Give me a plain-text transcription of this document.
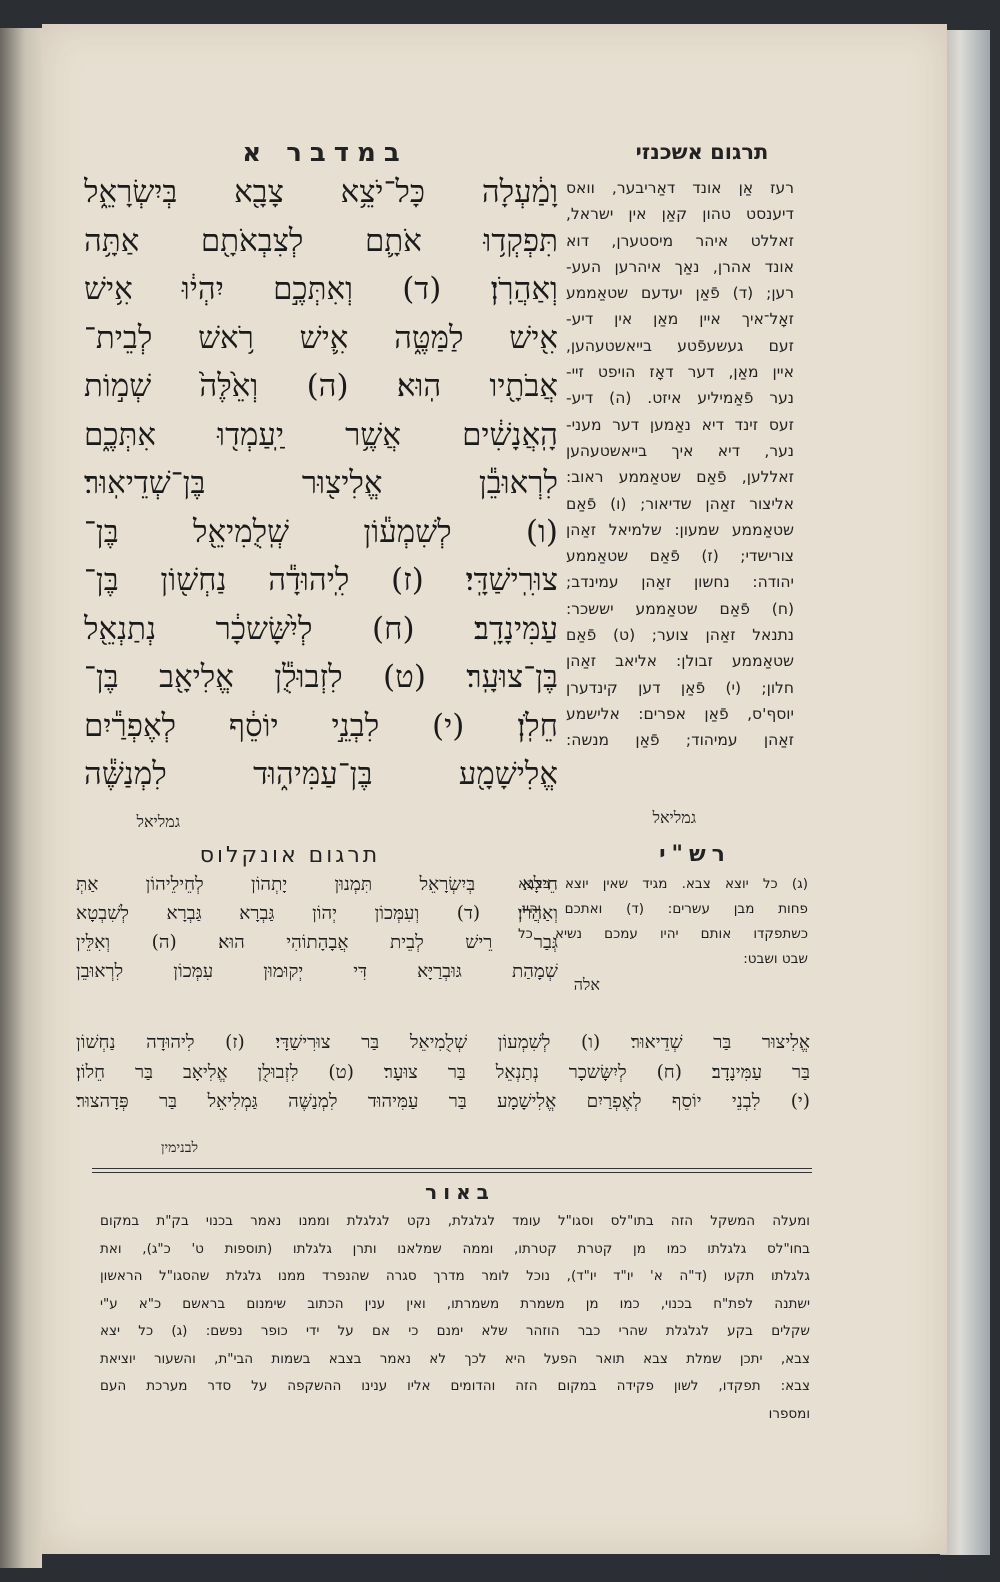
תרגום אשכנזי
במדבר א
וָמַ֔עְלָה כָּל־יֹצֵ֥א צָבָ֖א בְּיִשְׂרָאֵ֑ל
תִּפְקְד֥וּ אֹתָ֛ם לְצִבְאֹתָ֖ם אַתָּ֥ה
וְאַהֲרֹֽן׃ (ד) וְאִתְּכֶ֣ם יִהְי֔וּ אִ֥ישׁ
אִ֖ישׁ לַמַּטֶּ֑ה אִ֛ישׁ רֹ֥אשׁ לְבֵית־
אֲבֹתָ֖יו הֽוּא׃ (ה) וְאֵ֙לֶּה֙ שְׁמ֣וֹת
הָֽאֲנָשִׁ֔ים אֲשֶׁ֥ר יַֽעַמְד֖וּ אִתְּכֶ֑ם
לִרְאוּבֵ֕ן אֱלִיצ֖וּר בֶּן־שְׁדֵיאֽוּר׃
(ו) לְשִׁמְע֕וֹן שְֽׁלֻמִיאֵ֖ל בֶּן־
צוּרִֽישַׁדָּֽי׃ (ז) לִֽיהוּדָ֕ה נַחְשׁ֖וֹן בֶּן־
עַמִּינָדָֽב׃ (ח) לְיִ֨שָּׂשכָ֔ר נְתַנְאֵ֖ל
בֶּן־צוּעָֽר׃ (ט) לִזְבוּלֻ֕ן אֱלִיאָ֖ב בֶּן־
חֵלֹֽן׃ (י) לִבְנֵ֣י יוֹסֵ֔ף לְאֶפְרַ֕יִם
אֱלִישָׁמָ֖ע בֶּן־עַמִּיה֑וּד לִמְנַשֶּׁ֕ה
גמליאל
רעז אַן אונד דאַריבער, וואס
דיענסט טהון קאַן אין ישראל,
זאללט איהר מיסטערן, דוא
אונד אהרן, נאַך איהרען העע-
רען; (ד) פֿאַן יעדעם שטאַממע
זאָל־איך איין מאַן אין דיע-
זעם געשעפֿטע בייאשטעהען,
איין מאַן, דער דאָז הויפט זיי-
נער פֿאַמיליע איזט. (ה) דיע-
זעס זינד דיא נאַמען דער מעני-
נער, דיא איך בייאשטעהען
זאללען, פֿאַם שטאַממע ראוב:
אליצור זאַהן שדיאור; (ו) פֿאַם
שטאַממע שמעון: שלמיאל זאַהן
צורישדי; (ז) פֿאַם שטאַממע
יהודה: נחשון זאַהן עמינדב;
(ח) פֿאַם שטאַממע יששכר:
נתנאל זאַהן צוער; (ט) פֿאַם
שטאַממע זבולן: אליאב זאַהן
חלון; (י) פֿאַן דען קינדערן
יוסף'ס, פֿאַן אפרים: אלישמע
זאַהן עמיהוד; פֿאַן מנשה:
גמליאל
תרגום אונקלוס	רש"י
חֵילָא בְּיִשְׂרָאֵל תִּמְנוּן יָתְהוֹן לְחֵילֵיהוֹן אַתְּ
וְאַהֲרֹן׃ (ד) וְעִמְּכוֹן יְהוֹן גַּבְרָא גַּבְרָא לְשִׁבְטָא
גְּבַר רֵישׁ לְבֵית אֲבָהָתוֹהִי הוּא׃ (ה) וְאִלֵּין
שְׁמָהַת גּוּבְרַיָּא דִּי יְקוּמוּן עִמְּכוֹן לִרְאוּבֵן
(ג) כל יוצא צבא. מגיד שאין יוצא בצבא
פחות מבן עשרים: (ד) ואתכם יהיו.
כשתפקדו אותם יהיו עמכם נשיא כל
שבט ושבט:
אלה
אֱלִיצוּר בַּר שְׁדֵיאוּר׃ (ו) לְשִׁמְעוֹן שְׁלֻמִיאֵל בַּר צוּרִישַׁדָּי׃ (ז) לִיהוּדָה נַחְשׁוֹן
בַּר עַמִּינָדָב׃ (ח) לְיִשָּׂשכָר נְתַנְאֵל בַּר צוּעָר׃ (ט) לִזְבוּלֻן אֱלִיאָב בַּר חֵלוֹן׃
(י) לִבְנֵי יוֹסֵף לְאֶפְרַיִם אֱלִישָׁמָע בַּר עַמִּיהוּד לִמְנַשֶּׁה גַּמְלִיאֵל בַּר פְּדָהצוּר׃
לבנימין
באור
ומעלה המשקל הזה בתו"לס וסגו"ל עומד לגלגלת, נקט לגלגלת וממנו נאמר בכנוי בק"ת במקום
בחו"לס גלגלתו כמו מן קטרת קטרתו, וממה שמלאנו ותרן גלגלתו (תוספות ט' כ"ג), ואת
גלגלתו תקעו (ד"ה א' יו"ד יו"ד), נוכל לומר מדרך סגרה שהנפרד ממנו גלגלת שהסגו"ל הראשון
ישתנה לפת"ח בכנוי, כמו מן משמרת משמרתו, ואין ענין הכתוב שימנום בראשם כ"א ע"י
שקלים בקע לגלגלת שהרי כבר הוזהר שלא ימנם כי אם על ידי כופר נפשם: (ג) כל יצא
צבא, יתכן שמלת צבא תואר הפעל היא לכך לא נאמר בצבא בשמות הבי"ת, והשעור יוציאת
צבא: תפקדו, לשון פקידה במקום הזה והדומים אליו ענינו ההשקפה על סדר מערכת העם
ומספרו
